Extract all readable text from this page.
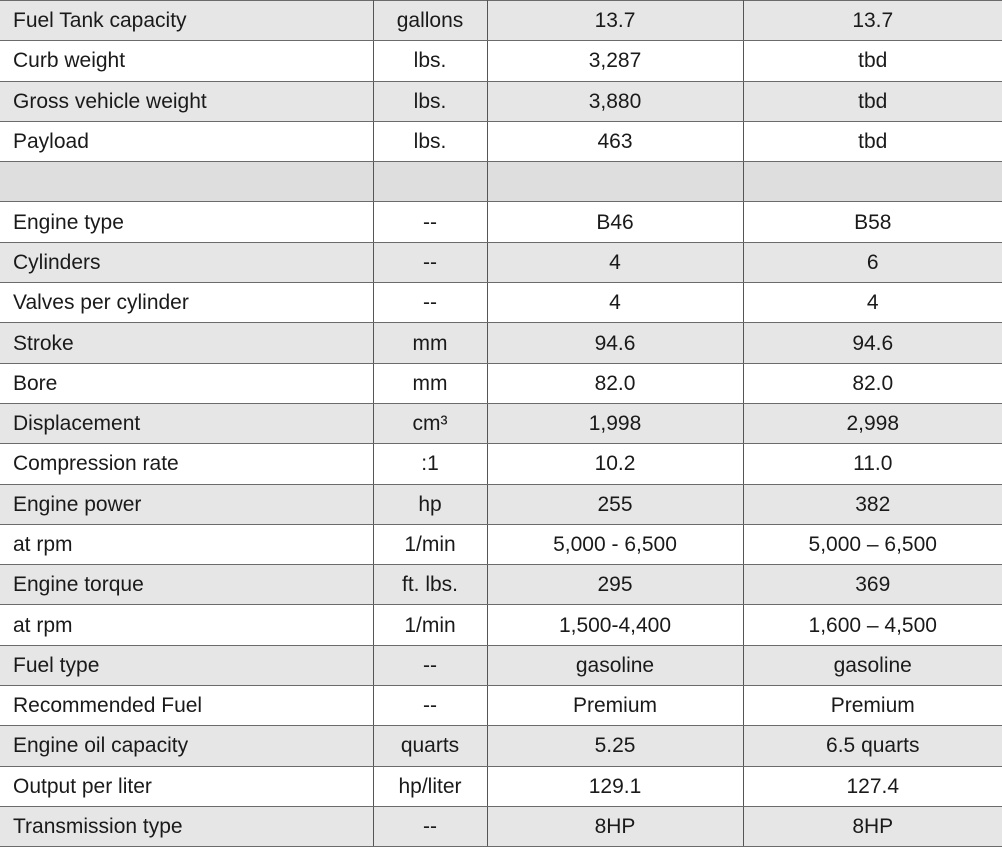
Fuel Tank capacity	gallons	13.7	13.7
Curb weight	lbs.	3,287	tbd
Gross vehicle weight	lbs.	3,880	tbd
Payload	lbs.	463	tbd

Engine type	--	B46	B58
Cylinders	--	4	6
Valves per cylinder	--	4	4
Stroke	mm	94.6	94.6
Bore	mm	82.0	82.0
Displacement	cm³	1,998	2,998
Compression rate	:1	10.2	11.0
Engine power	hp	255	382
at rpm	1/min	5,000 - 6,500	5,000 – 6,500
Engine torque	ft. lbs.	295	369
at rpm	1/min	1,500-4,400	1,600 – 4,500
Fuel type	--	gasoline	gasoline
Recommended Fuel	--	Premium	Premium
Engine oil capacity	quarts	5.25	6.5 quarts
Output per liter	hp/liter	129.1	127.4
Transmission type	--	8HP	8HP
